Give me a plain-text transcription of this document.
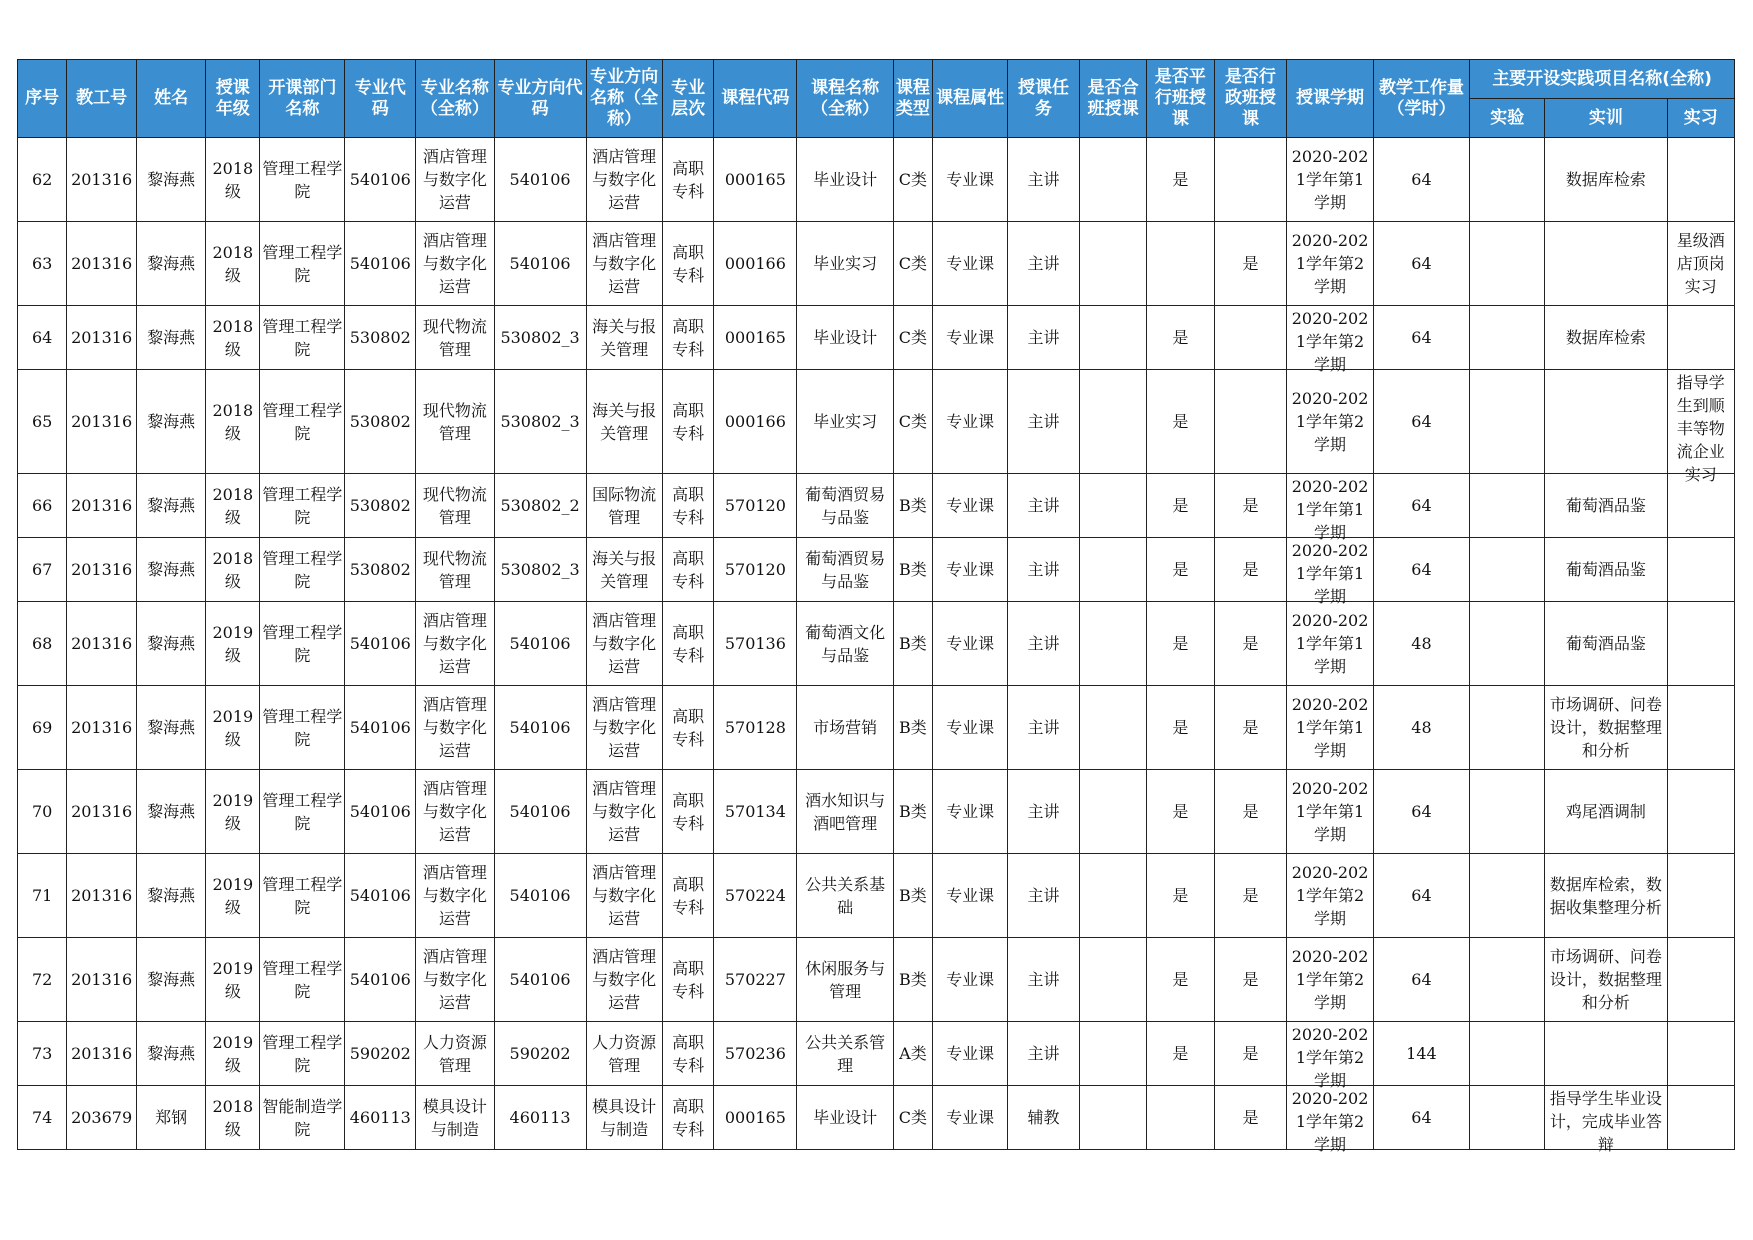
序号	教工号	姓名	授课年级	开课部门名称	专业代码	专业名称（全称）	专业方向代码	专业方向名称（全称）	专业层次	课程代码	课程名称（全称）	课程类型	课程属性	授课任务	是否合班授课	是否平行班授课	是否行政班授课	授课学期	教学工作量（学时）	主要开设实践项目名称(全称)		

																				实验	实训	实习

62	201316	黎海燕	2018级	管理工程学院	540106	酒店管理与数字化运营	540106	酒店管理与数字化运营	高职专科	000165	毕业设计	C类	专业课	主讲		是		2020-2021学年第1学期	64		数据库检索	

63	201316	黎海燕	2018级	管理工程学院	540106	酒店管理与数字化运营	540106	酒店管理与数字化运营	高职专科	000166	毕业实习	C类	专业课	主讲			是	2020-2021学年第2学期	64			星级酒店顶岗实习

64	201316	黎海燕	2018级	管理工程学院	530802	现代物流管理	530802_3	海关与报关管理	高职专科	000165	毕业设计	C类	专业课	主讲		是		2020-2021学年第2学期	64		数据库检索	

65	201316	黎海燕	2018级	管理工程学院	530802	现代物流管理	530802_3	海关与报关管理	高职专科	000166	毕业实习	C类	专业课	主讲		是		2020-2021学年第2学期	64			指导学生到顺丰等物流企业实习

66	201316	黎海燕	2018级	管理工程学院	530802	现代物流管理	530802_2	国际物流管理	高职专科	570120	葡萄酒贸易与品鉴	B类	专业课	主讲		是	是	2020-2021学年第1学期	64		葡萄酒品鉴	

67	201316	黎海燕	2018级	管理工程学院	530802	现代物流管理	530802_3	海关与报关管理	高职专科	570120	葡萄酒贸易与品鉴	B类	专业课	主讲		是	是	2020-2021学年第1学期	64		葡萄酒品鉴	

68	201316	黎海燕	2019级	管理工程学院	540106	酒店管理与数字化运营	540106	酒店管理与数字化运营	高职专科	570136	葡萄酒文化与品鉴	B类	专业课	主讲		是	是	2020-2021学年第1学期	48		葡萄酒品鉴	

69	201316	黎海燕	2019级	管理工程学院	540106	酒店管理与数字化运营	540106	酒店管理与数字化运营	高职专科	570128	市场营销	B类	专业课	主讲		是	是	2020-2021学年第1学期	48		市场调研、问卷设计，数据整理和分析	

70	201316	黎海燕	2019级	管理工程学院	540106	酒店管理与数字化运营	540106	酒店管理与数字化运营	高职专科	570134	酒水知识与酒吧管理	B类	专业课	主讲		是	是	2020-2021学年第1学期	64		鸡尾酒调制	

71	201316	黎海燕	2019级	管理工程学院	540106	酒店管理与数字化运营	540106	酒店管理与数字化运营	高职专科	570224	公共关系基础	B类	专业课	主讲		是	是	2020-2021学年第2学期	64		数据库检索，数据收集整理分析	

72	201316	黎海燕	2019级	管理工程学院	540106	酒店管理与数字化运营	540106	酒店管理与数字化运营	高职专科	570227	休闲服务与管理	B类	专业课	主讲		是	是	2020-2021学年第2学期	64		市场调研、问卷设计，数据整理和分析	

73	201316	黎海燕	2019级	管理工程学院	590202	人力资源管理	590202	人力资源管理	高职专科	570236	公共关系管理	A类	专业课	主讲		是	是	2020-2021学年第2学期	144			

74	203679	郑钢	2018级	智能制造学院	460113	模具设计与制造	460113	模具设计与制造	高职专科	000165	毕业设计	C类	专业课	辅教			是	2020-2021学年第2学期	64		指导学生毕业设计，完成毕业答辩	
